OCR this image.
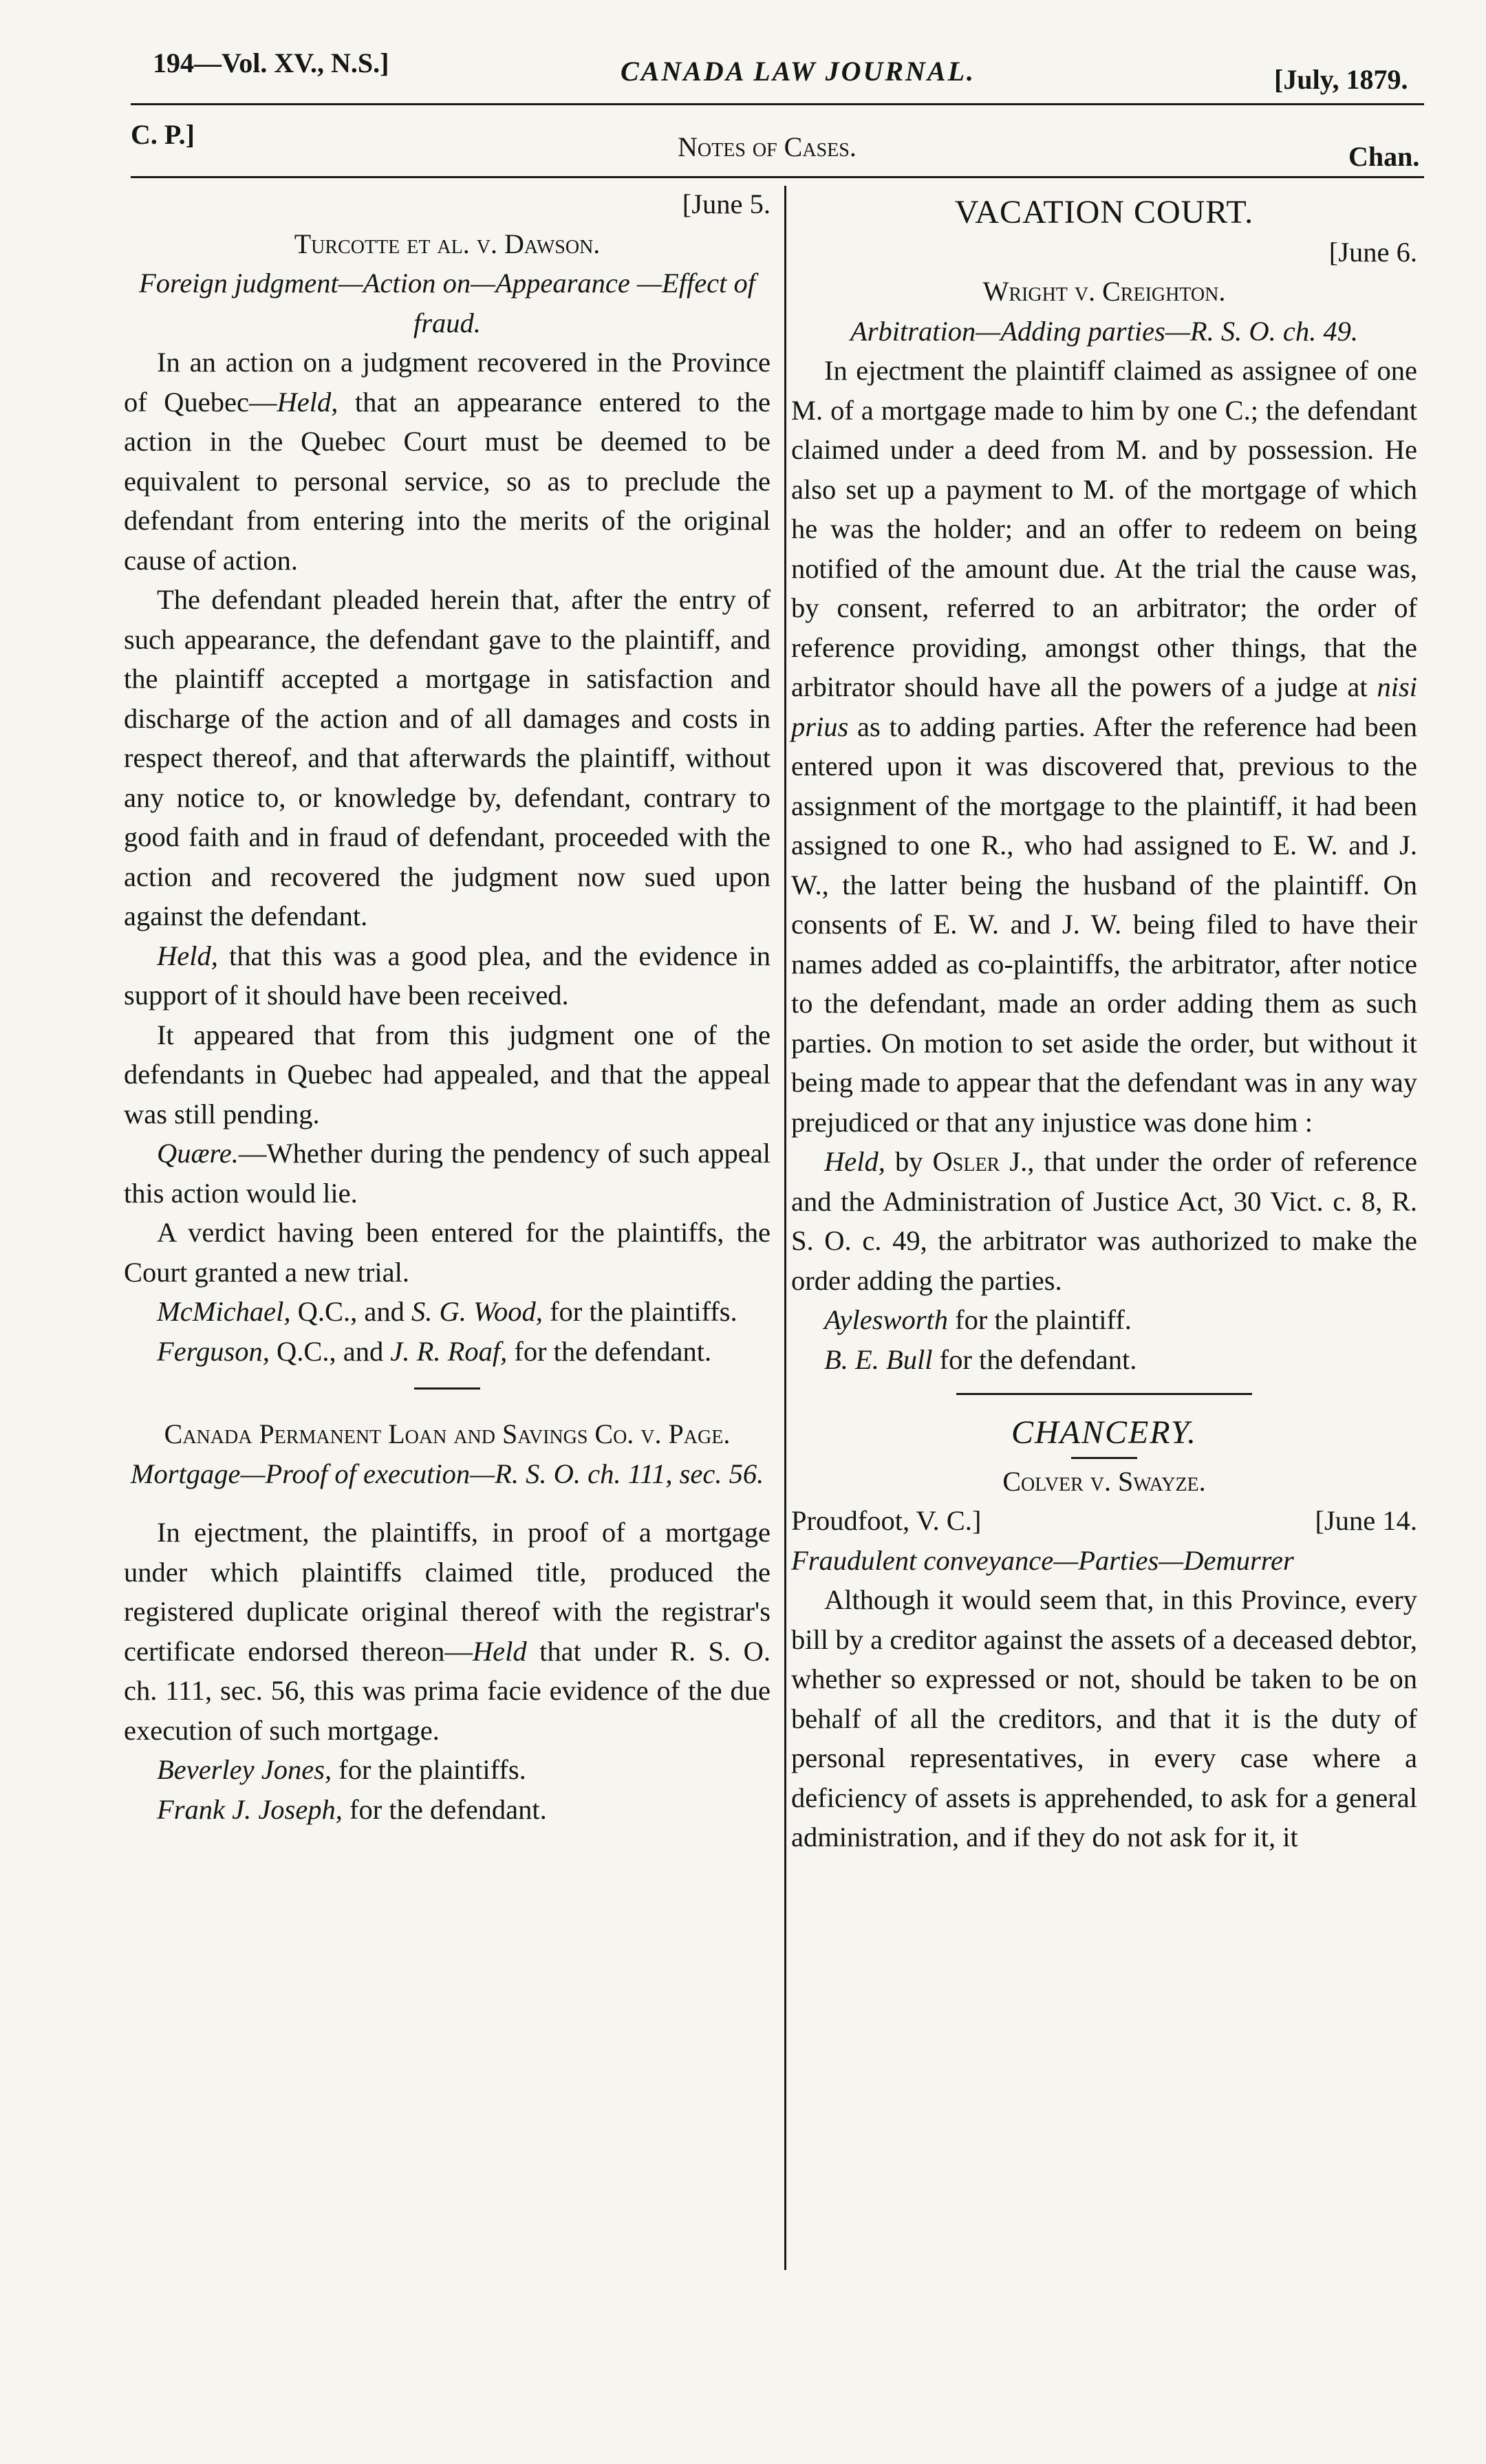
194—Vol. XV., N.S.]	CANADA LAW JOURNAL.	[July, 1879.
C. P.]	Notes of Cases.	Chan.
[June 5.
Turcotte et al. v. Dawson.
Foreign judgment—Action on—Appearance —Effect of fraud.

In an action on a judgment recovered in the Province of Quebec—Held, that an appearance entered to the action in the Quebec Court must be deemed to be equivalent to personal service, so as to preclude the defendant from entering into the merits of the original cause of action.

The defendant pleaded herein that, after the entry of such appearance, the defendant gave to the plaintiff, and the plaintiff accepted a mortgage in satisfaction and discharge of the action and of all damages and costs in respect thereof, and that afterwards the plaintiff, without any notice to, or knowledge by, defendant, contrary to good faith and in fraud of defendant, proceeded with the action and recovered the judgment now sued upon against the defendant.

Held, that this was a good plea, and the evidence in support of it should have been received.

It appeared that from this judgment one of the defendants in Quebec had appealed, and that the appeal was still pending.

Quære.—Whether during the pendency of such appeal this action would lie.

A verdict having been entered for the plaintiffs, the Court granted a new trial.

McMichael, Q.C., and S. G. Wood, for the plaintiffs.

Ferguson, Q.C., and J. R. Roaf, for the defendant.

Canada Permanent Loan and Savings Co. v. Page.
Mortgage—Proof of execution—R. S. O. ch. 111, sec. 56.

In ejectment, the plaintiffs, in proof of a mortgage under which plaintiffs claimed title, produced the registered duplicate original thereof with the registrar's certificate endorsed thereon—Held that under R. S. O. ch. 111, sec. 56, this was prima facie evidence of the due execution of such mortgage.

Beverley Jones, for the plaintiffs.

Frank J. Joseph, for the defendant.

VACATION COURT.
[June 6.
Wright v. Creighton.
Arbitration—Adding parties—R. S. O. ch. 49.

In ejectment the plaintiff claimed as assignee of one M. of a mortgage made to him by one C.; the defendant claimed under a deed from M. and by possession. He also set up a payment to M. of the mortgage of which he was the holder; and an offer to redeem on being notified of the amount due. At the trial the cause was, by consent, referred to an arbitrator; the order of reference providing, amongst other things, that the arbitrator should have all the powers of a judge at nisi prius as to adding parties. After the reference had been entered upon it was discovered that, previous to the assignment of the mortgage to the plaintiff, it had been assigned to one R., who had assigned to E. W. and J. W., the latter being the husband of the plaintiff. On consents of E. W. and J. W. being filed to have their names added as co-plaintiffs, the arbitrator, after notice to the defendant, made an order adding them as such parties. On motion to set aside the order, but without it being made to appear that the defendant was in any way prejudiced or that any injustice was done him :

Held, by Osler J., that under the order of reference and the Administration of Justice Act, 30 Vict. c. 8, R. S. O. c. 49, the arbitrator was authorized to make the order adding the parties.

Aylesworth for the plaintiff.

B. E. Bull for the defendant.

CHANCERY.
Colver v. Swayze.
Proudfoot, V. C.]	[June 14.
Fraudulent conveyance—Parties—Demurrer

Although it would seem that, in this Province, every bill by a creditor against the assets of a deceased debtor, whether so expressed or not, should be taken to be on behalf of all the creditors, and that it is the duty of personal representatives, in every case where a deficiency of assets is apprehended, to ask for a general administration, and if they do not ask for it, it
